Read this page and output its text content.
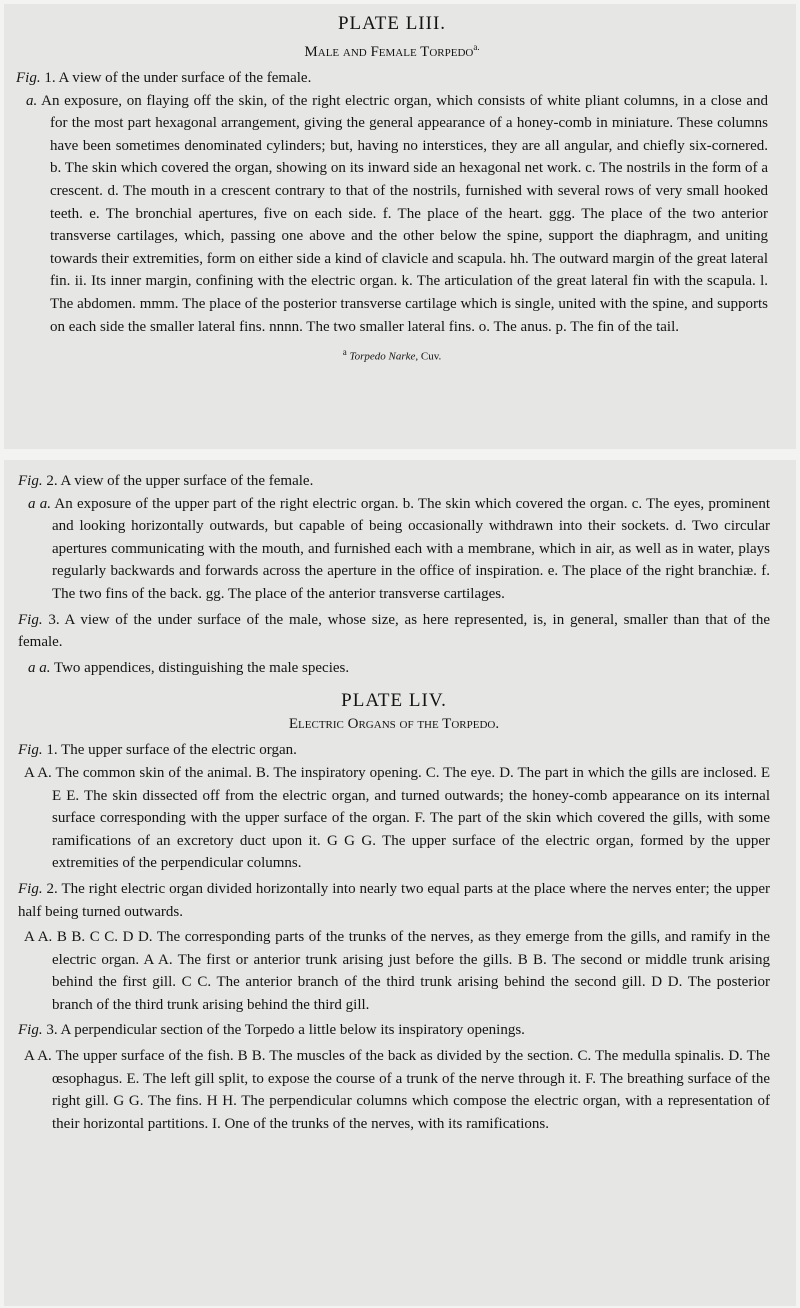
PLATE LIII.

Male and Female Torpedo$^{a.}$

Fig. 1. A view of the under surface of the female.

a. An exposure, on flaying off the skin, of the right electric organ, which consists of white pliant columns, in a close and for the most part hexagonal arrangement, giving the general appearance of a honey-comb in miniature. These columns have been sometimes denominated cylinders; but, having no interstices, they are all angular, and chiefly six-cornered. b. The skin which covered the organ, showing on its inward side an hexagonal net work. c. The nostrils in the form of a crescent. d. The mouth in a crescent contrary to that of the nostrils, furnished with several rows of very small hooked teeth. e. The bronchial apertures, five on each side. f. The place of the heart. ggg. The place of the two anterior transverse cartilages, which, passing one above and the other below the spine, support the diaphragm, and uniting towards their extremities, form on either side a kind of clavicle and scapula. hh. The outward margin of the great lateral fin. ii. Its inner margin, confining with the electric organ. k. The articulation of the great lateral fin with the scapula. l. The abdomen. mmm. The place of the posterior transverse cartilage which is single, united with the spine, and supports on each side the smaller lateral fins. nnnn. The two smaller lateral fins. o. The anus. p. The fin of the tail.

$^a$ Torpedo Narke, Cuv.

Fig. 2. A view of the upper surface of the female.

a a. An exposure of the upper part of the right electric organ. b. The skin which covered the organ. c. The eyes, prominent and looking horizontally outwards, but capable of being occasionally withdrawn into their sockets. d. Two circular apertures communicating with the mouth, and furnished each with a membrane, which in air, as well as in water, plays regularly backwards and forwards across the aperture in the office of inspiration. e. The place of the right branchiæ. f. The two fins of the back. gg. The place of the anterior transverse cartilages.

Fig. 3. A view of the under surface of the male, whose size, as here represented, is, in general, smaller than that of the female.

a a. Two appendices, distinguishing the male species.

PLATE LIV.

Electric Organs of the Torpedo.

Fig. 1. The upper surface of the electric organ.

A A. The common skin of the animal. B. The inspiratory opening. C. The eye. D. The part in which the gills are inclosed. E E E. The skin dissected off from the electric organ, and turned outwards; the honey-comb appearance on its internal surface corresponding with the upper surface of the organ. F. The part of the skin which covered the gills, with some ramifications of an excretory duct upon it. G G G. The upper surface of the electric organ, formed by the upper extremities of the perpendicular columns.

Fig. 2. The right electric organ divided horizontally into nearly two equal parts at the place where the nerves enter; the upper half being turned outwards.

A A. B B. C C. D D. The corresponding parts of the trunks of the nerves, as they emerge from the gills, and ramify in the electric organ. A A. The first or anterior trunk arising just before the gills. B B. The second or middle trunk arising behind the first gill. C C. The anterior branch of the third trunk arising behind the second gill. D D. The posterior branch of the third trunk arising behind the third gill.

Fig. 3. A perpendicular section of the Torpedo a little below its inspiratory openings.

A A. The upper surface of the fish. B B. The muscles of the back as divided by the section. C. The medulla spinalis. D. The œsophagus. E. The left gill split, to expose the course of a trunk of the nerve through it. F. The breathing surface of the right gill. G G. The fins. H H. The perpendicular columns which compose the electric organ, with a representation of their horizontal partitions. I. One of the trunks of the nerves, with its ramifications.
